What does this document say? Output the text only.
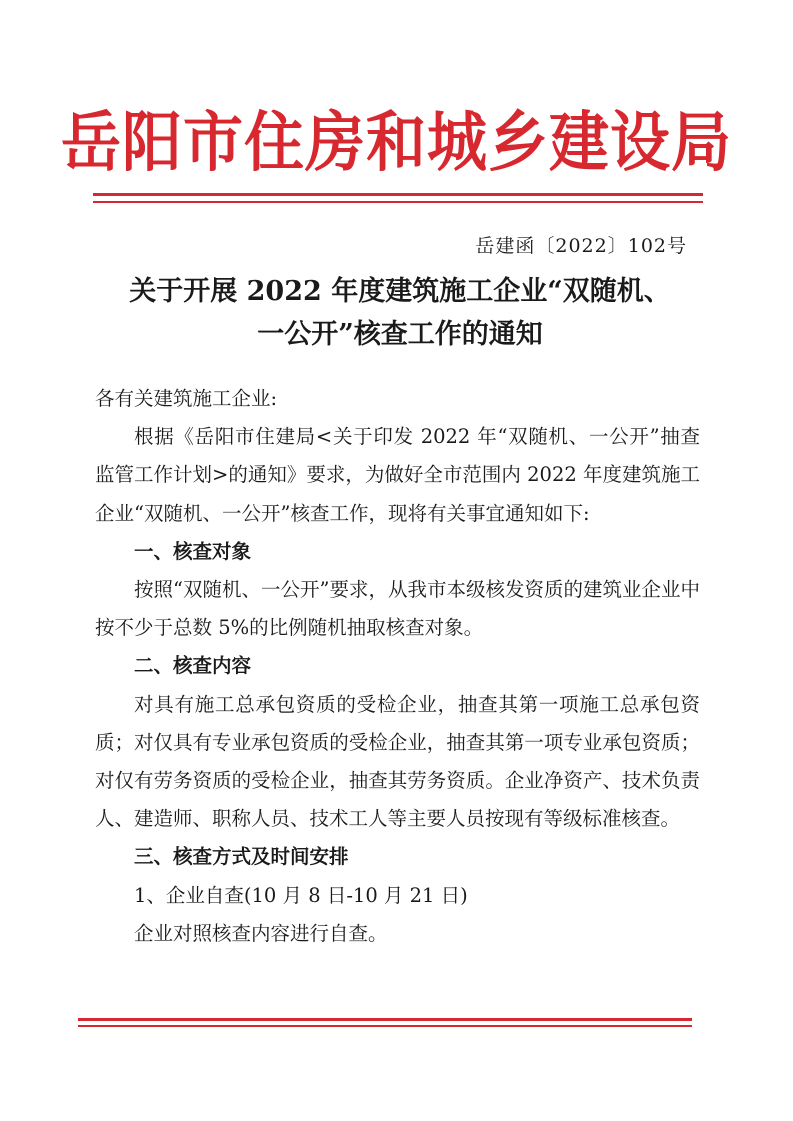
岳阳市住房和城乡建设局
岳建函〔2022〕102号
关于开展 2022 年度建筑施工企业“双随机、
一公开”核查工作的通知

各有关建筑施工企业:

根据《岳阳市住建局<关于印发 2022 年“双随机、一公开”抽查监管工作计划>的通知》要求，为做好全市范围内 2022 年度建筑施工企业“双随机、一公开”核查工作，现将有关事宜通知如下:

一、核查对象

按照“双随机、一公开”要求，从我市本级核发资质的建筑业企业中按不少于总数 5%的比例随机抽取核查对象。

二、核查内容

对具有施工总承包资质的受检企业，抽查其第一项施工总承包资质；对仅具有专业承包资质的受检企业，抽查其第一项专业承包资质；对仅有劳务资质的受检企业，抽查其劳务资质。企业净资产、技术负责人、建造师、职称人员、技术工人等主要人员按现有等级标准核查。

三、核查方式及时间安排

1、企业自查(10 月 8 日-10 月 21 日)

企业对照核查内容进行自查。
